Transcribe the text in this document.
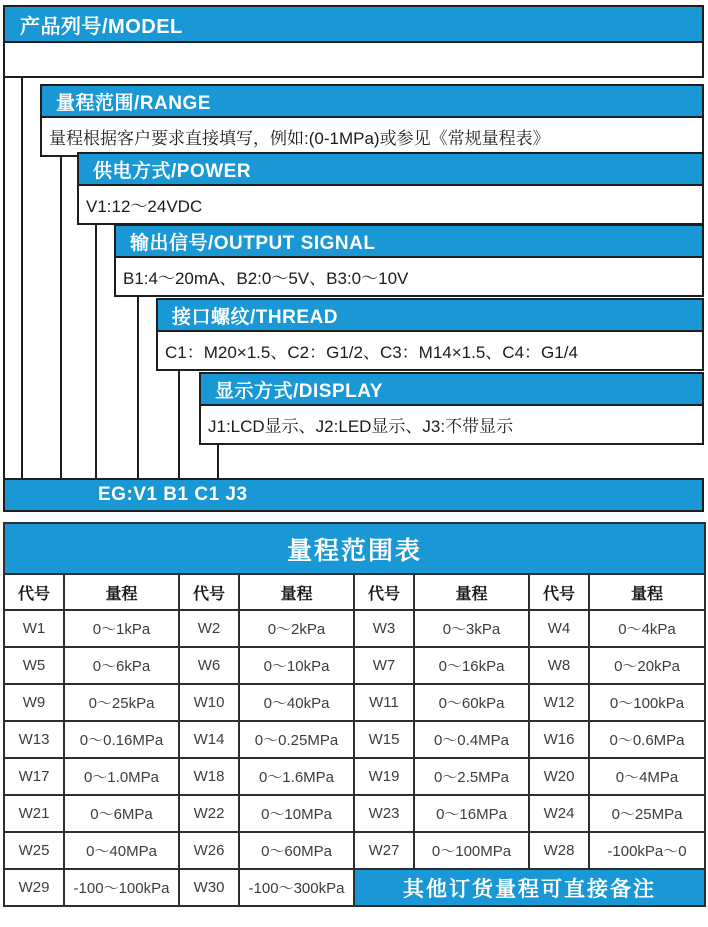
产品列号/MODEL
量程范围/RANGE
量程根据客户要求直接填写，例如:(0-1MPa)或参见《常规量程表》
供电方式/POWER
V1:12～24VDC
输出信号/OUTPUT SIGNAL
B1:4～20mA、B2:0～5V、B3:0～10V
接口螺纹/THREAD
C1：M20×1.5、C2：G1/2、C3：M14×1.5、C4：G1/4
显示方式/DISPLAY
J1:LCD显示、J2:LED显示、J3:不带显示
EG:V1 B1 C1 J3
量程范围表							
代号	量程	代号	量程	代号	量程	代号	量程
W1	0～1kPa	W2	0～2kPa	W3	0～3kPa	W4	0～4kPa
W5	0～6kPa	W6	0～10kPa	W7	0～16kPa	W8	0～20kPa
W9	0～25kPa	W10	0～40kPa	W11	0～60kPa	W12	0～100kPa
W13	0～0.16MPa	W14	0～0.25MPa	W15	0～0.4MPa	W16	0～0.6MPa
W17	0～1.0MPa	W18	0～1.6MPa	W19	0～2.5MPa	W20	0～4MPa
W21	0～6MPa	W22	0～10MPa	W23	0～16MPa	W24	0～25MPa
W25	0～40MPa	W26	0～60MPa	W27	0～100MPa	W28	-100kPa～0
W29	-100～100kPa	W30	-100～300kPa	其他订货量程可直接备注			
